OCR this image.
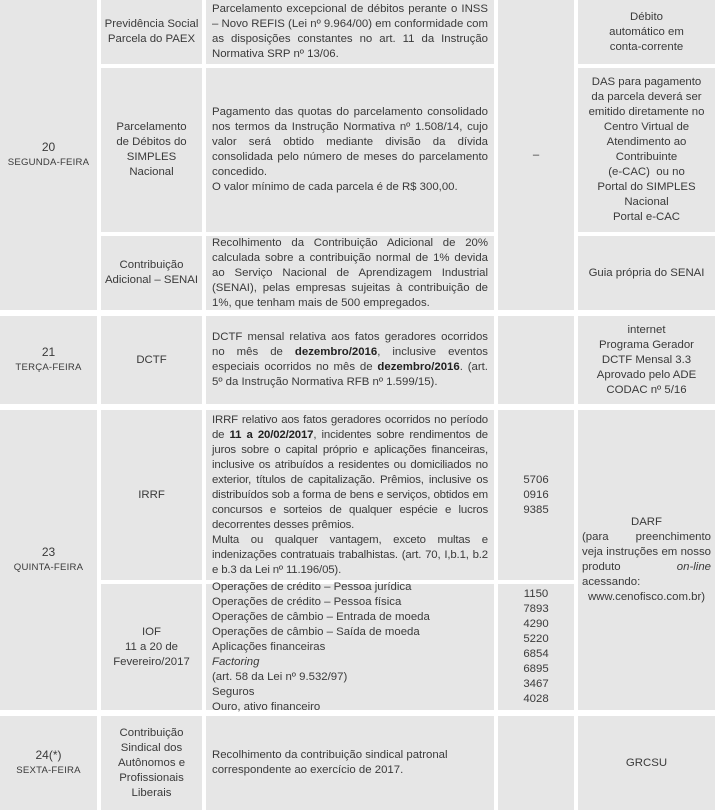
20
SEGUNDA-FEIRA
Previdência Social
Parcela do PAEX
Parcelamento excepcional de débitos perante o INSS – Novo REFIS (Lei nº 9.964/00) em conformidade com as disposições constantes no art. 11 da Instrução Normativa SRP nº 13/06.
Débito
automático em
conta-corrente
–
Parcelamento
de Débitos do
SIMPLES
Nacional
Pagamento das quotas do parcelamento consolidado nos termos da Instrução Normativa nº 1.508/14, cujo valor será obtido mediante divisão da dívida consolidada pelo número de meses do parcelamento concedido.
O valor mínimo de cada parcela é de R$ 300,00.
DAS para pagamento
da parcela deverá ser
emitido diretamente no
Centro Virtual de
Atendimento ao
Contribuinte
(e-CAC)  ou no
Portal do SIMPLES
Nacional
Portal e-CAC
Contribuição
Adicional – SENAI
Recolhimento da Contribuição Adicional de 20% calculada sobre a contribuição normal de 1% devida ao Serviço Nacional de Aprendizagem Industrial (SENAI), pelas empresas sujeitas à contribuição de 1%, que tenham mais de 500 empregados.
Guia própria do SENAI
21
TERÇA-FEIRA
DCTF
DCTF mensal relativa aos fatos geradores ocorridos no mês de dezembro/2016, inclusive eventos especiais ocorridos no mês de dezembro/2016. (art. 5º da Instrução Normativa RFB nº 1.599/15).
internet
Programa Gerador
DCTF Mensal 3.3
Aprovado pelo ADE
CODAC nº 5/16
23
QUINTA-FEIRA
IRRF
IRRF relativo aos fatos geradores ocorridos no período de 11 a 20/02/2017, incidentes sobre rendimentos de juros sobre o capital próprio e aplicações financeiras, inclusive os atribuídos a residentes ou domiciliados no exterior, títulos de capitalização. Prêmios, inclusive os distribuídos sob a forma de bens e serviços, obtidos em concursos e sorteios de qualquer espécie e lucros decorrentes desses prêmios.
Multa ou qualquer vantagem, exceto multas e indenizações contratuais trabalhistas. (art. 70, I,b.1, b.2 e b.3 da Lei nº 11.196/05).
5706
0916
9385
IOF
11 a 20 de
Fevereiro/2017
Operações de crédito – Pessoa jurídica
Operações de crédito – Pessoa física
Operações de câmbio – Entrada de moeda
Operações de câmbio – Saída de moeda
Aplicações financeiras
Factoring
(art. 58 da Lei nº 9.532/97)
Seguros
Ouro, ativo financeiro
1150
7893
4290
5220
6854
6895
3467
4028
DARF
(para preenchimento veja instruções em nosso produto on-line acessando: www.cenofisco.com.br)
24(*)
SEXTA-FEIRA
Contribuição
Sindical dos
Autônomos e
Profissionais
Liberais
Recolhimento da contribuição sindical patronal correspondente ao exercício de 2017.
GRCSU
